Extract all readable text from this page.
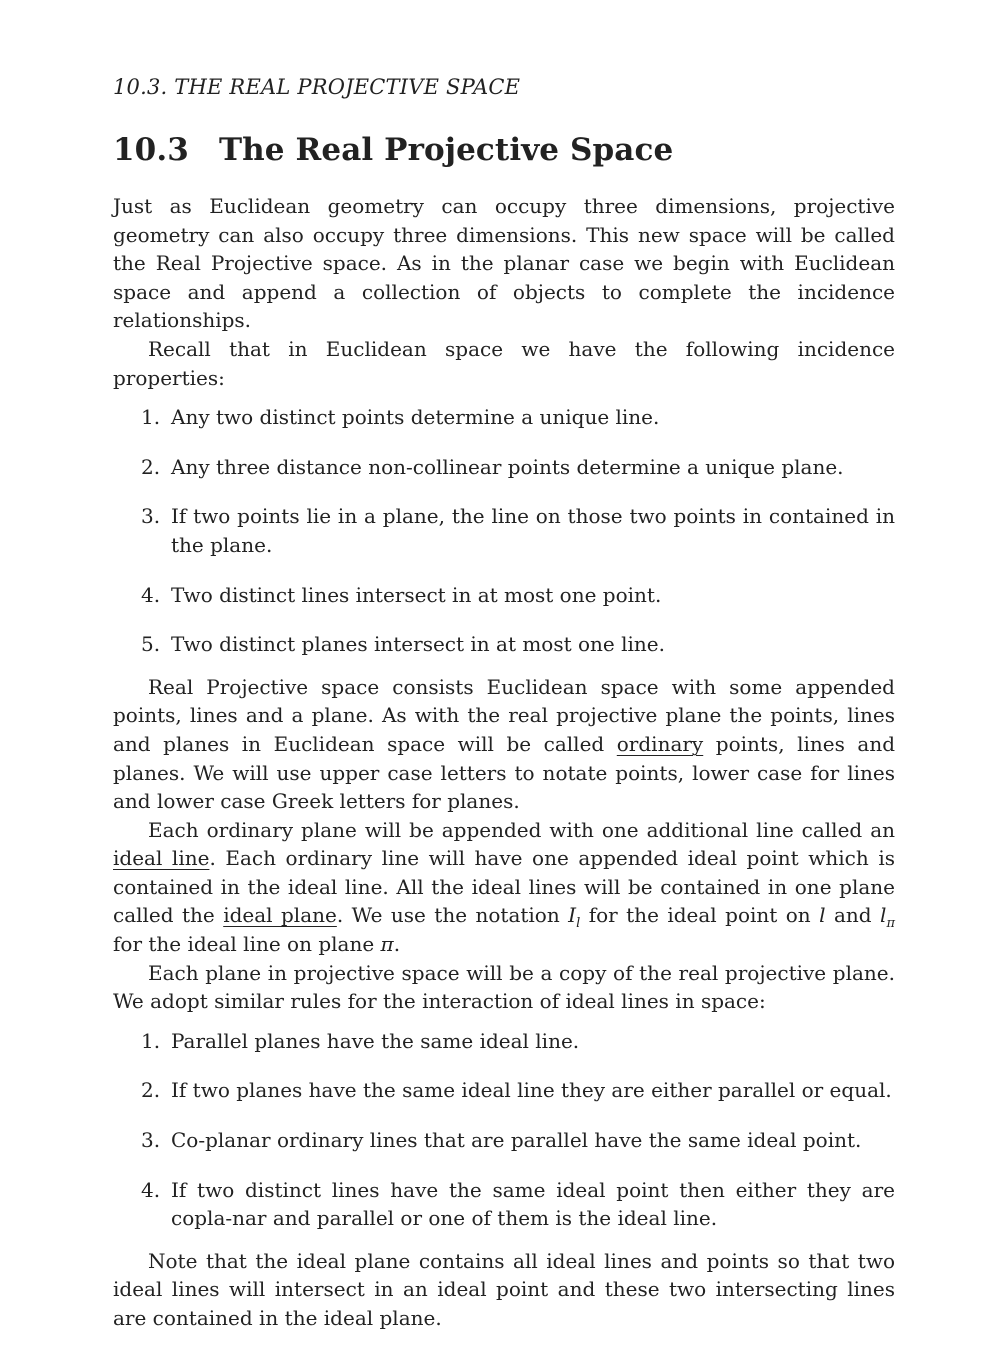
10.3. THE REAL PROJECTIVE SPACE
10.3 The Real Projective Space

Just as Euclidean geometry can occupy three dimensions, projective geometry can also occupy three dimensions. This new space will be called the Real Projective space. As in the planar case we begin with Euclidean space and append a collection of objects to complete the incidence relationships.

Recall that in Euclidean space we have the following incidence properties:

1. Any two distinct points determine a unique line.
2. Any three distance non-collinear points determine a unique plane.
3. If two points lie in a plane, the line on those two points in contained in the plane.
4. Two distinct lines intersect in at most one point.
5. Two distinct planes intersect in at most one line.

Real Projective space consists Euclidean space with some appended points, lines and a plane. As with the real projective plane the points, lines and planes in Euclidean space will be called ordinary points, lines and planes. We will use upper case letters to notate points, lower case for lines and lower case Greek letters for planes.

Each ordinary plane will be appended with one additional line called an ideal line. Each ordinary line will have one appended ideal point which is contained in the ideal line. All the ideal lines will be contained in one plane called the ideal plane. We use the notation $I_l$ for the ideal point on l and $l_\pi$ for the ideal line on plane π.

Each plane in projective space will be a copy of the real projective plane. We adopt similar rules for the interaction of ideal lines in space:

1. Parallel planes have the same ideal line.
2. If two planes have the same ideal line they are either parallel or equal.
3. Co-planar ordinary lines that are parallel have the same ideal point.
4. If two distinct lines have the same ideal point then either they are copla-nar and parallel or one of them is the ideal line.

Note that the ideal plane contains all ideal lines and points so that two ideal lines will intersect in an ideal point and these two intersecting lines are contained in the ideal plane.
